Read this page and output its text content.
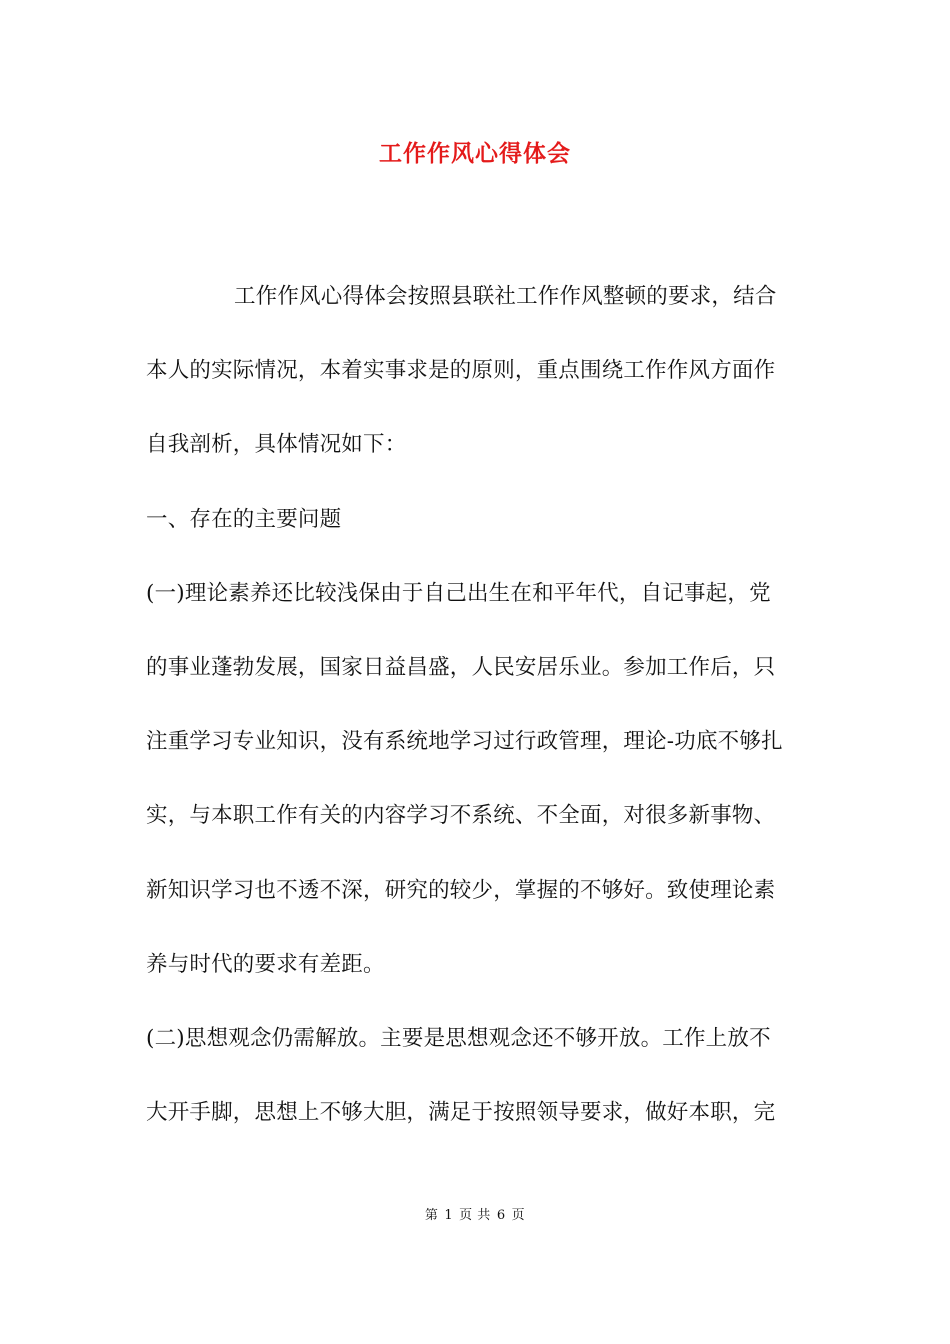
工作作风心得体会
工作作风心得体会按照县联社工作作风整顿的要求，结合
本人的实际情况，本着实事求是的原则，重点围绕工作作风方面作
自我剖析，具体情况如下：
一、存在的主要问题
(一)理论素养还比较浅保由于自己出生在和平年代，自记事起，党
的事业蓬勃发展，国家日益昌盛，人民安居乐业。参加工作后，只
注重学习专业知识，没有系统地学习过行政管理，理论-功底不够扎
实，与本职工作有关的内容学习不系统、不全面，对很多新事物、
新知识学习也不透不深，研究的较少，掌握的不够好。致使理论素
养与时代的要求有差距。
(二)思想观念仍需解放。主要是思想观念还不够开放。工作上放不
大开手脚，思想上不够大胆，满足于按照领导要求，做好本职，完
第 1 页 共 6 页
